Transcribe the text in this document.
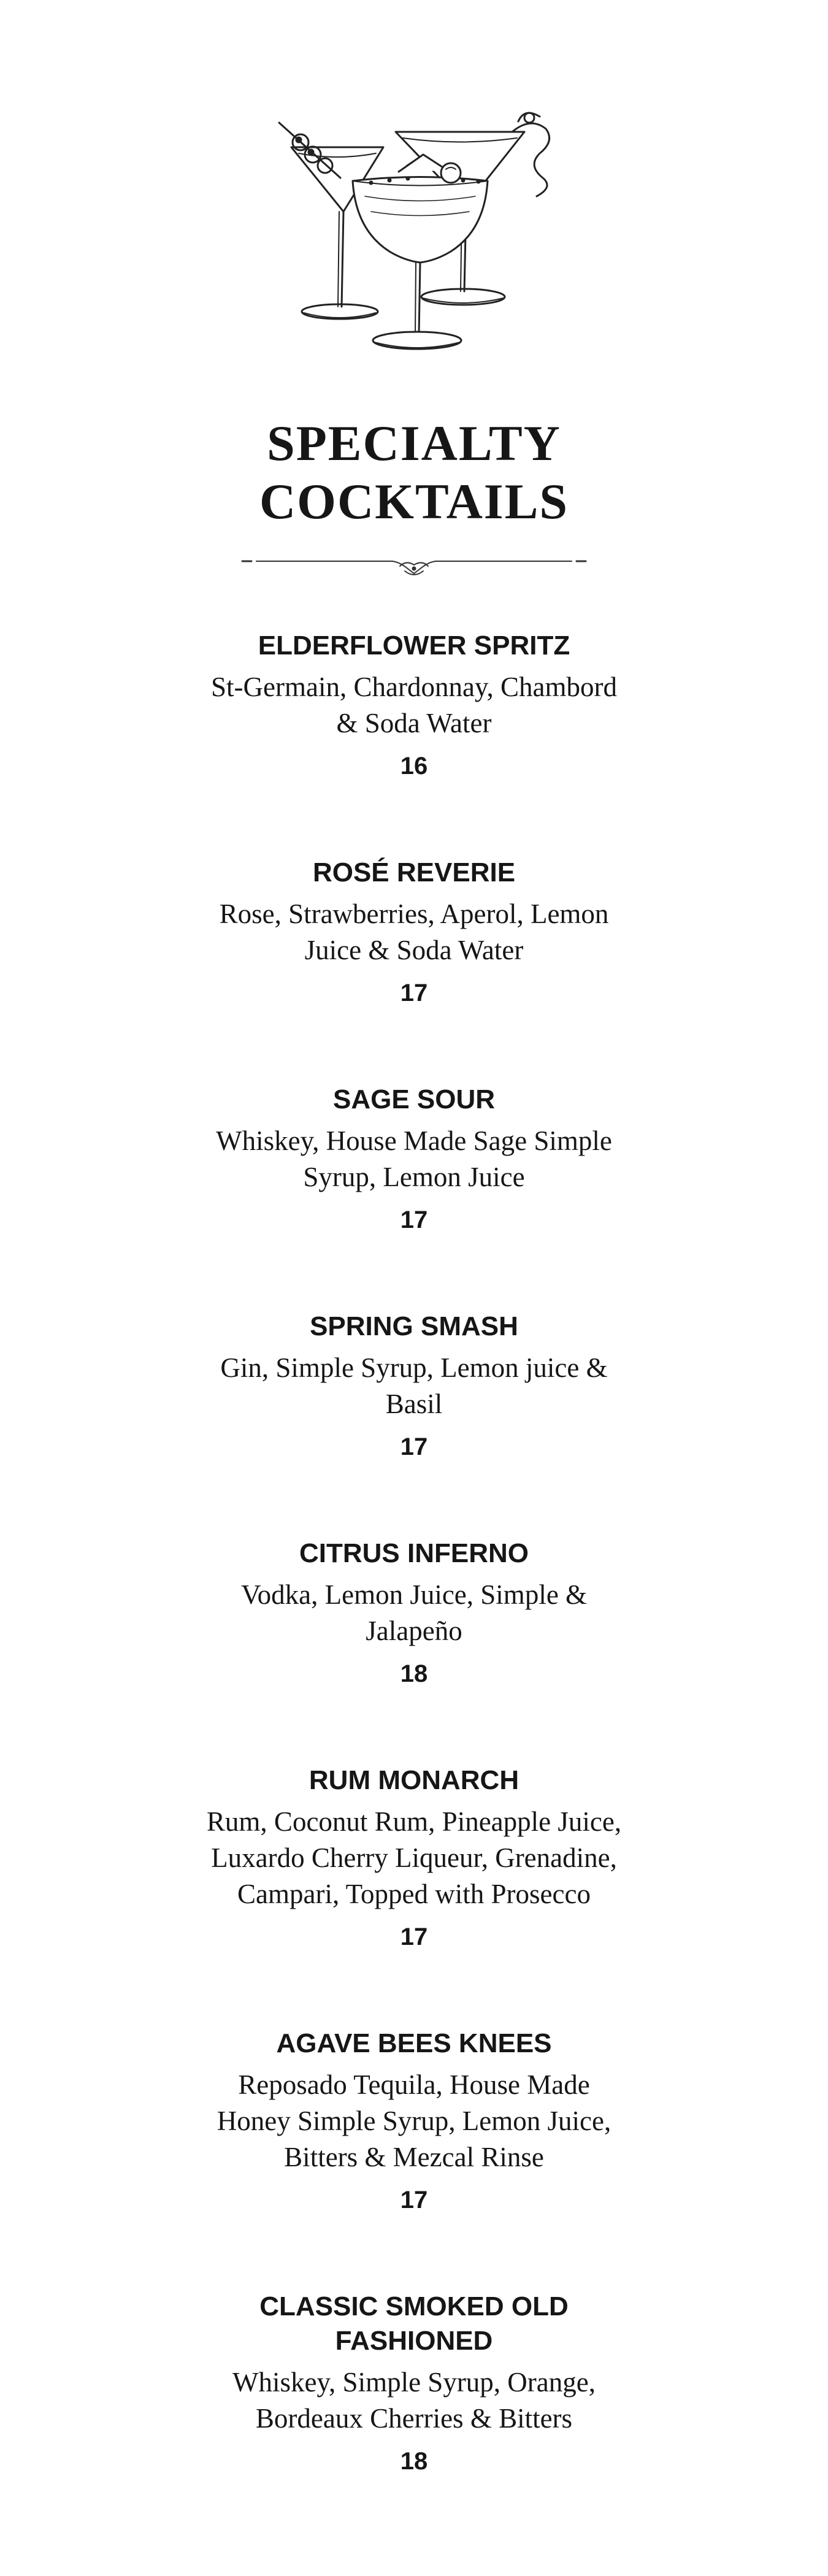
SPECIALTY
COCKTAILS

ELDERFLOWER SPRITZ

St-Germain, Chardonnay, Chambord & Soda Water

16

ROSÉ REVERIE

Rose, Strawberries, Aperol, Lemon Juice & Soda Water

17

SAGE SOUR

Whiskey, House Made Sage Simple Syrup, Lemon Juice

17

SPRING SMASH

Gin, Simple Syrup, Lemon juice & Basil

17

CITRUS INFERNO

Vodka, Lemon Juice, Simple & Jalapeño

18

RUM MONARCH

Rum, Coconut Rum, Pineapple Juice, Luxardo Cherry Liqueur, Grenadine, Campari, Topped with Prosecco

17

AGAVE BEES KNEES

Reposado Tequila, House Made Honey Simple Syrup, Lemon Juice, Bitters & Mezcal Rinse

17

CLASSIC SMOKED OLD FASHIONED

Whiskey, Simple Syrup, Orange, Bordeaux Cherries & Bitters

18
